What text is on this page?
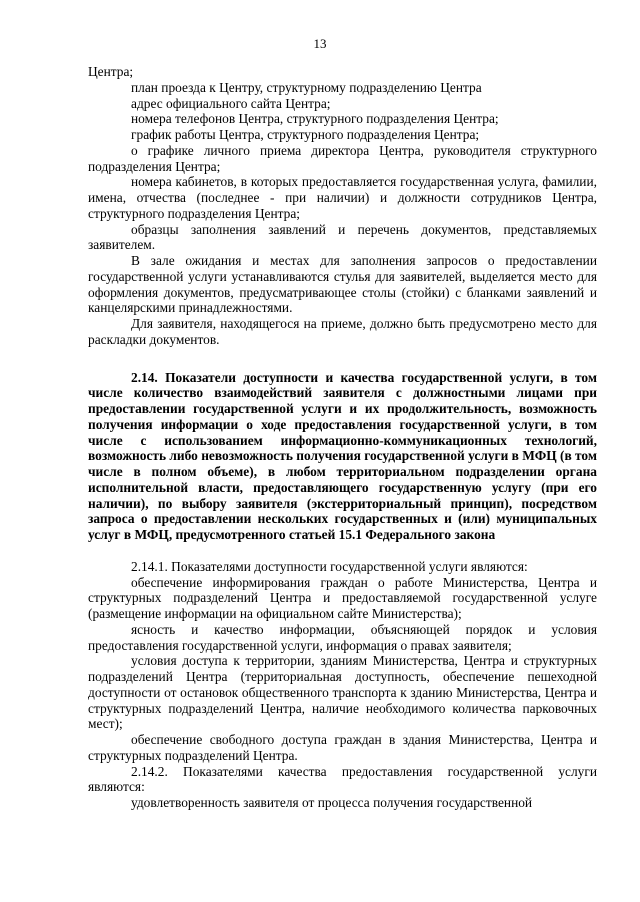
13

Центра;

план проезда к Центру, структурному подразделению Центра

адрес официального сайта Центра;

номера телефонов Центра, структурного подразделения Центра;

график работы Центра, структурного подразделения Центра;

о графике личного приема директора Центра, руководителя структурного подразделения Центра;

номера кабинетов, в которых предоставляется государственная услуга, фамилии, имена, отчества (последнее - при наличии) и должности сотрудников Центра, структурного подразделения Центра;

образцы заполнения заявлений и перечень документов, представляемых заявителем.

В зале ожидания и местах для заполнения запросов о предоставлении государственной услуги устанавливаются стулья для заявителей, выделяется место для оформления документов, предусматривающее столы (стойки) с бланками заявлений и канцелярскими принадлежностями.

Для заявителя, находящегося на приеме, должно быть предусмотрено место для раскладки документов.

2.14. Показатели доступности и качества государственной услуги, в том числе количество взаимодействий заявителя с должностными лицами при предоставлении государственной услуги и их продолжительность, возможность получения информации о ходе предоставления государственной услуги, в том числе с использованием информационно-коммуникационных технологий, возможность либо невозможность получения государственной услуги в МФЦ (в том числе в полном объеме), в любом территориальном подразделении органа исполнительной власти, предоставляющего государственную услугу (при его наличии), по выбору заявителя (экстерриториальный принцип), посредством запроса о предоставлении нескольких государственных и (или) муниципальных услуг в МФЦ, предусмотренного статьей 15.1 Федерального закона

2.14.1. Показателями доступности государственной услуги являются:

обеспечение информирования граждан о работе Министерства, Центра и структурных подразделений Центра и предоставляемой государственной услуге (размещение информации на официальном сайте Министерства);

ясность и качество информации, объясняющей порядок и условия предоставления государственной услуги, информация о правах заявителя;

условия доступа к территории, зданиям Министерства, Центра и структурных подразделений Центра (территориальная доступность, обеспечение пешеходной доступности от остановок общественного транспорта к зданию Министерства, Центра и структурных подразделений Центра, наличие необходимого количества парковочных мест);

обеспечение свободного доступа граждан в здания Министерства, Центра и структурных подразделений Центра.

2.14.2. Показателями качества предоставления государственной услуги являются:

удовлетворенность заявителя от процесса получения государственной
